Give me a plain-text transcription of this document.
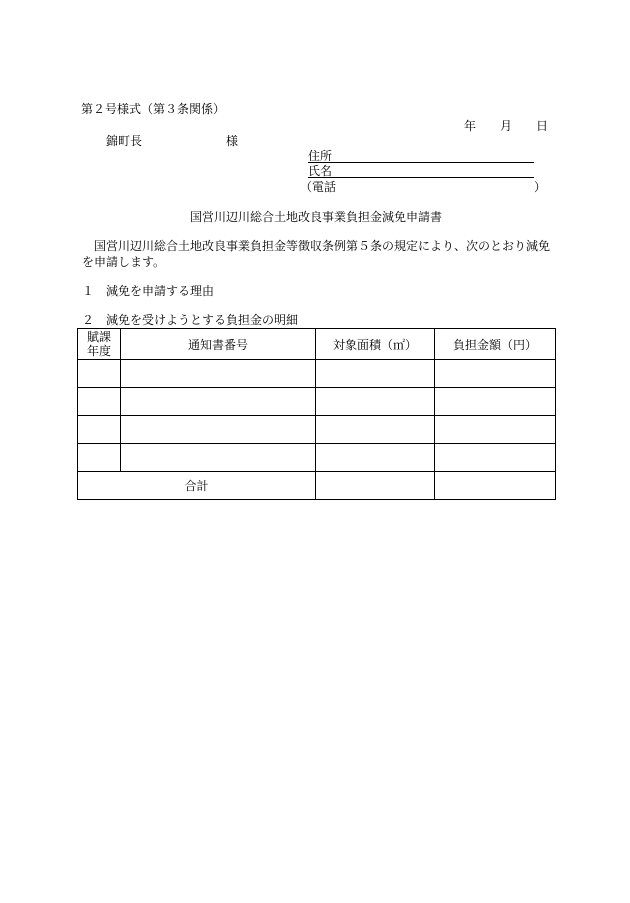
第２号様式（第３条関係）
年 月 日
錦町長	様
住所
氏名
（電話	）
国営川辺川総合土地改良事業負担金減免申請書
国営川辺川総合土地改良事業負担金等徴収条例第５条の規定により、次のとおり減免
を申請します。
１　減免を申請する理由
２　減免を受けようとする負担金の明細
賦課
年度	通知書番号	対象面積（㎡）	負担金額（円）

合計			
